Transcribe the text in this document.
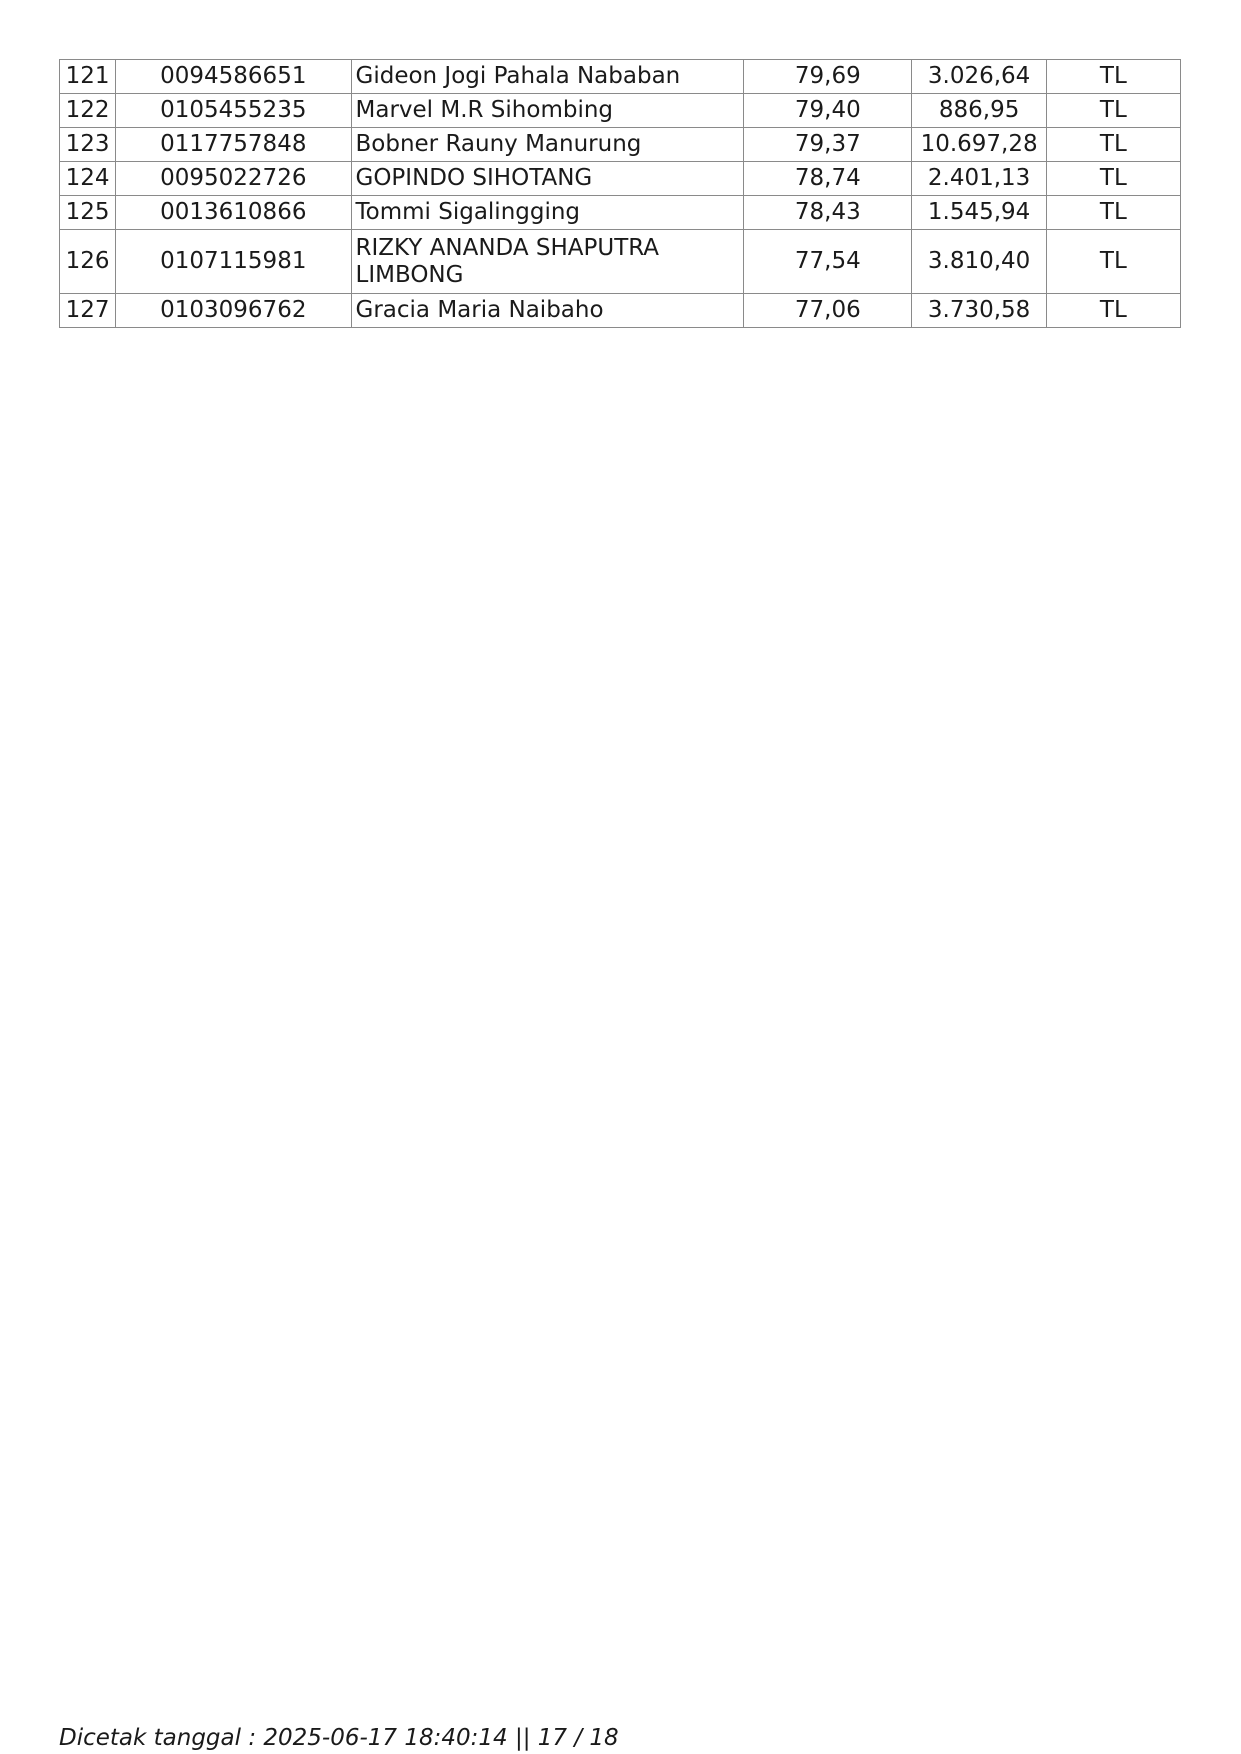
121	0094586651	Gideon Jogi Pahala Nababan	79,69	3.026,64	TL
122	0105455235	Marvel M.R Sihombing	79,40	886,95	TL
123	0117757848	Bobner Rauny Manurung	79,37	10.697,28	TL
124	0095022726	GOPINDO SIHOTANG	78,74	2.401,13	TL
125	0013610866	Tommi Sigalingging	78,43	1.545,94	TL
126	0107115981	RIZKY ANANDA SHAPUTRA LIMBONG	77,54	3.810,40	TL
127	0103096762	Gracia Maria Naibaho	77,06	3.730,58	TL
Dicetak tanggal : 2025-06-17 18:40:14 || 17 / 18
